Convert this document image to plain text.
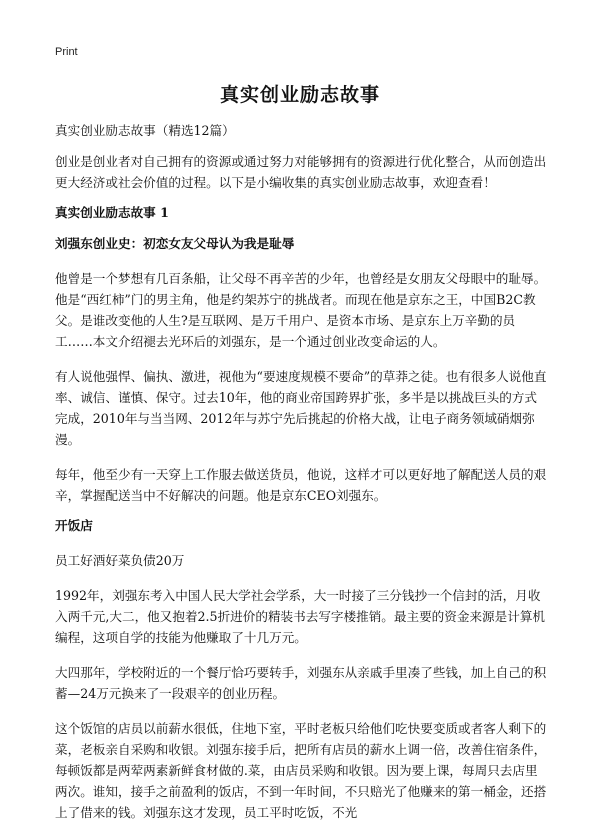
Print
真实创业励志故事

真实创业励志故事（精选12篇）

创业是创业者对自己拥有的资源或通过努力对能够拥有的资源进行优化整合，从而创造出更大经济或社会价值的过程。以下是小编收集的真实创业励志故事，欢迎查看！

真实创业励志故事 1
刘强东创业史：初恋女友父母认为我是耻辱

他曾是一个梦想有几百条船，让父母不再辛苦的少年，也曾经是女朋友父母眼中的耻辱。他是“西红柿”门的男主角，他是约架苏宁的挑战者。而现在他是京东之王，中国B2C教父。是谁改变他的人生?是互联网、是万千用户、是资本市场、是京东上万辛勤的员工……本文介绍褪去光环后的刘强东，是一个通过创业改变命运的人。

有人说他强悍、偏执、激进，视他为“要速度规模不要命”的草莽之徒。也有很多人说他直率、诚信、谨慎、保守。过去10年，他的商业帝国跨界扩张，多半是以挑战巨头的方式完成，2010年与当当网、2012年与苏宁先后挑起的价格大战，让电子商务领域硝烟弥漫。

每年，他至少有一天穿上工作服去做送货员，他说，这样才可以更好地了解配送人员的艰辛，掌握配送当中不好解决的问题。他是京东CEO刘强东。

开饭店

员工好酒好菜负债20万

1992年，刘强东考入中国人民大学社会学系，大一时接了三分钱抄一个信封的活，月收入两千元,大二，他又抱着2.5折进价的精装书去写字楼推销。最主要的资金来源是计算机编程，这项自学的技能为他赚取了十几万元。

大四那年，学校附近的一个餐厅恰巧要转手，刘强东从亲戚手里凑了些钱，加上自己的积蓄—24万元换来了一段艰辛的创业历程。

这个饭馆的店员以前薪水很低，住地下室，平时老板只给他们吃快要变质或者客人剩下的菜，老板亲自采购和收银。刘强东接手后，把所有店员的薪水上调一倍，改善住宿条件，每顿饭都是两荤两素新鲜食材做的.菜，由店员采购和收银。因为要上课，每周只去店里两次。谁知，接手之前盈利的饭店，不到一年时间，不只赔光了他赚来的第一桶金，还搭上了借来的钱。刘强东这才发现，员工平时吃饭，不光
